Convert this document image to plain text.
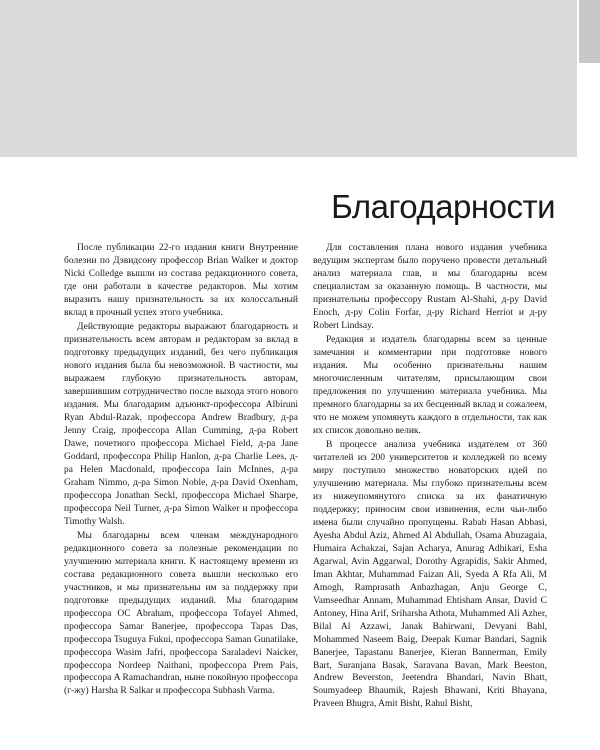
Благодарности

После публикации 22-го издания книги Внутренние болезни по Дэвидсону профессор Brian Walker и доктор Nicki Colledge вышли из состава редакционного совета, где они работали в качестве редакторов. Мы хотим выразить нашу признательность за их колоссальный вклад в прочный успех этого учебника.

Действующие редакторы выражают благодарность и признательность всем авторам и редакторам за вклад в подготовку предыдущих изданий, без чего публикация нового издания была бы невозможной. В частности, мы выражаем глубокую признательность авторам, завершившим сотрудничество после выхода этого нового издания. Мы благодарим адъюнкт-профессора Albiruni Ryan Abdul-Razak, профессора Andrew Bradbury, д-ра Jenny Craig, профессора Allan Cumming, д-ра Robert Dawe, почетного профессора Michael Field, д-ра Jane Goddard, профессора Philip Hanlon, д-ра Charlie Lees, д-ра Helen Macdonald, профессора Iain McInnes, д-ра Graham Nimmo, д-ра Simon Noble, д-ра David Oxenham, профессора Jonathan Seckl, профессора Michael Sharpe, профессора Neil Turner, д-ра Simon Walker и профессора Timothy Walsh.

Мы благодарны всем членам международного редакционного совета за полезные рекомендации по улучшению материала книги. К настоящему времени из состава редакционного совета вышли несколько его участников, и мы признательны им за поддержку при подготовке предыдущих изданий. Мы благодарим профессора OC Abraham, профессора Tofayel Ahmed, профессора Samar Banerjee, профессора Tapas Das, профессора Tsuguya Fukui, профессора Saman Gunatilake, профессора Wasim Jafri, профессора Saraladevi Naicker, профессора Nordeep Naithani, профессора Prem Pais, профессора A Ramachandran, ныне покойную профессора (г-жу) Harsha R Salkar и профессора Subhash Varma.

Для составления плана нового издания учебника ведущим экспертам было поручено провести детальный анализ материала глав, и мы благодарны всем специалистам за оказанную помощь. В частности, мы признательны профессору Rustam Al-Shahi, д-ру David Enoch, д-ру Colin Forfar, д-ру Richard Herriot и д-ру Robert Lindsay.

Редакция и издатель благодарны всем за ценные замечания и комментарии при подготовке нового издания. Мы особенно признательны нашим многочисленным читателям, присылающим свои предложения по улучшению материала учебника. Мы премного благодарны за их бесценный вклад и сожалеем, что не можем упомянуть каждого в отдельности, так как их список довольно велик.

В процессе анализа учебника издателем от 360 читателей из 200 университетов и колледжей по всему миру поступило множество новаторских идей по улучшению материала. Мы глубоко признательны всем из нижеупомянутого списка за их фанатичную поддержку; приносим свои извинения, если чьи-либо имена были случайно пропущены. Rabab Hasan Abbasi, Ayesha Abdul Aziz, Ahmed Al Abdullah, Osama Abuzagaia, Humaira Achakzai, Sajan Acharya, Anurag Adhikari, Esha Agarwal, Avin Aggarwal, Dorothy Agrapidis, Sakir Ahmed, Iman Akhtar, Muhammad Faizan Ali, Syeda A Rfa Ali, M Amogh, Ramprasath Anbazhagan, Anju George C, Vamseedhar Annam, Muhammad Ehtisham Ansar, David C Antoney, Hina Arif, Sriharsha Athota, Muhammed Ali Azher, Bilal Al Azzawi, Janak Bahirwani, Devyani Bahl, Mohammed Naseem Baig, Deepak Kumar Bandari, Sagnik Banerjee, Tapastanu Banerjee, Kieran Bannerman, Emily Bart, Suranjana Basak, Saravana Bavan, Mark Beeston, Andrew Beverston, Jeetendra Bhandari, Navin Bhatt, Soumyadeep Bhaumik, Rajesh Bhawani, Kriti Bhayana, Praveen Bhugra, Amit Bisht, Rahul Bisht,
